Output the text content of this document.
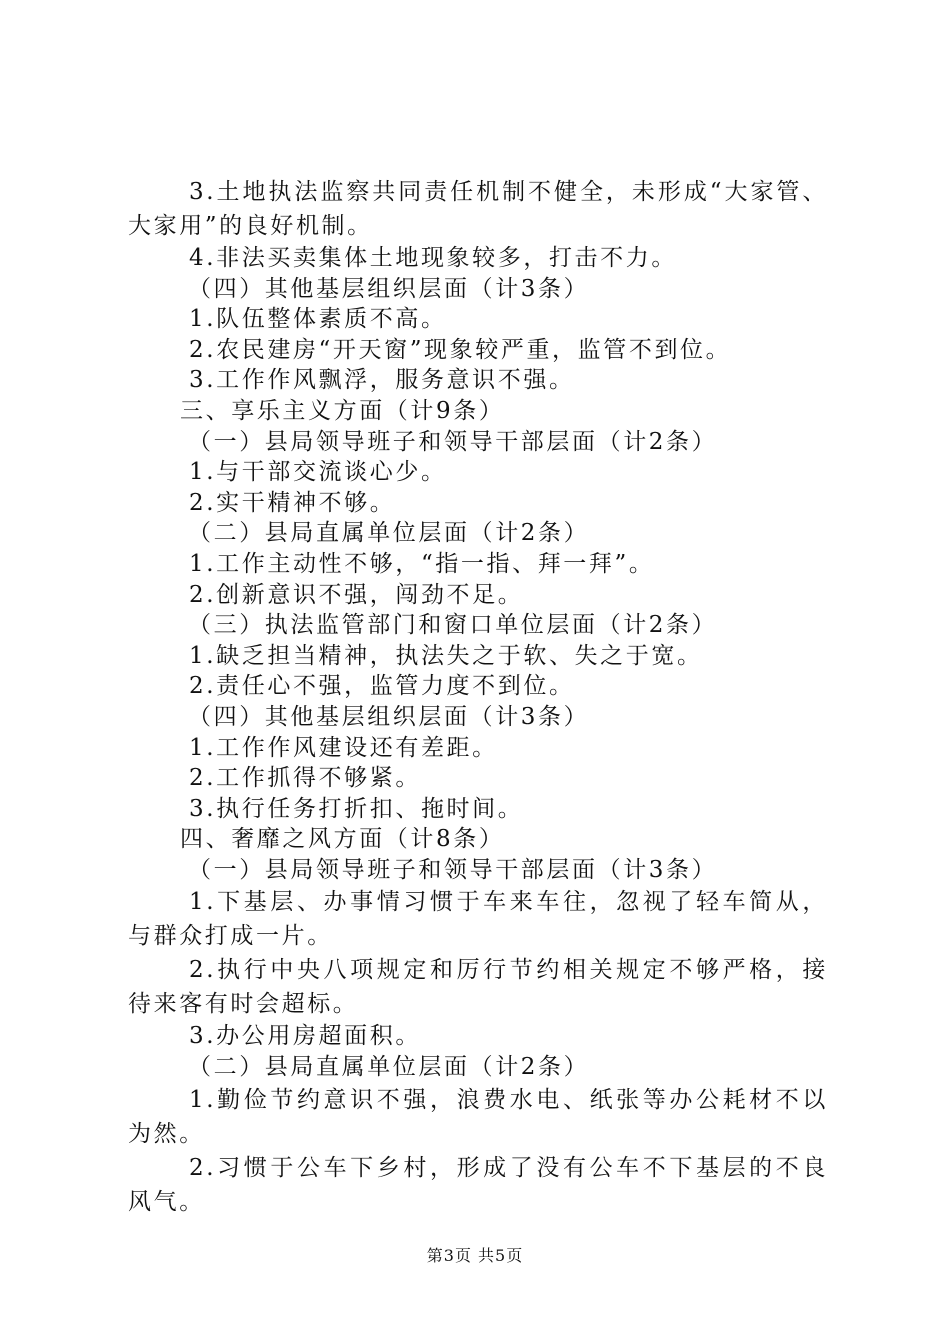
3.土地执法监察共同责任机制不健全，未形成“大家管、大家用”的良好机制。
4.非法买卖集体土地现象较多，打击不力。
（四）其他基层组织层面（计3条）
1.队伍整体素质不高。
2.农民建房“开天窗”现象较严重，监管不到位。
3.工作作风飘浮，服务意识不强。
三、享乐主义方面（计9条）
（一）县局领导班子和领导干部层面（计2条）
1.与干部交流谈心少。
2.实干精神不够。
（二）县局直属单位层面（计2条）
1.工作主动性不够，“指一指、拜一拜”。
2.创新意识不强，闯劲不足。
（三）执法监管部门和窗口单位层面（计2条）
1.缺乏担当精神，执法失之于软、失之于宽。
2.责任心不强，监管力度不到位。
（四）其他基层组织层面（计3条）
1.工作作风建设还有差距。
2.工作抓得不够紧。
3.执行任务打折扣、拖时间。
四、奢靡之风方面（计8条）
（一）县局领导班子和领导干部层面（计3条）
1.下基层、办事情习惯于车来车往，忽视了轻车简从，与群众打成一片。
2.执行中央八项规定和厉行节约相关规定不够严格，接待来客有时会超标。
3.办公用房超面积。
（二）县局直属单位层面（计2条）
1.勤俭节约意识不强，浪费水电、纸张等办公耗材不以为然。
2.习惯于公车下乡村，形成了没有公车不下基层的不良风气。
第3页 共5页
